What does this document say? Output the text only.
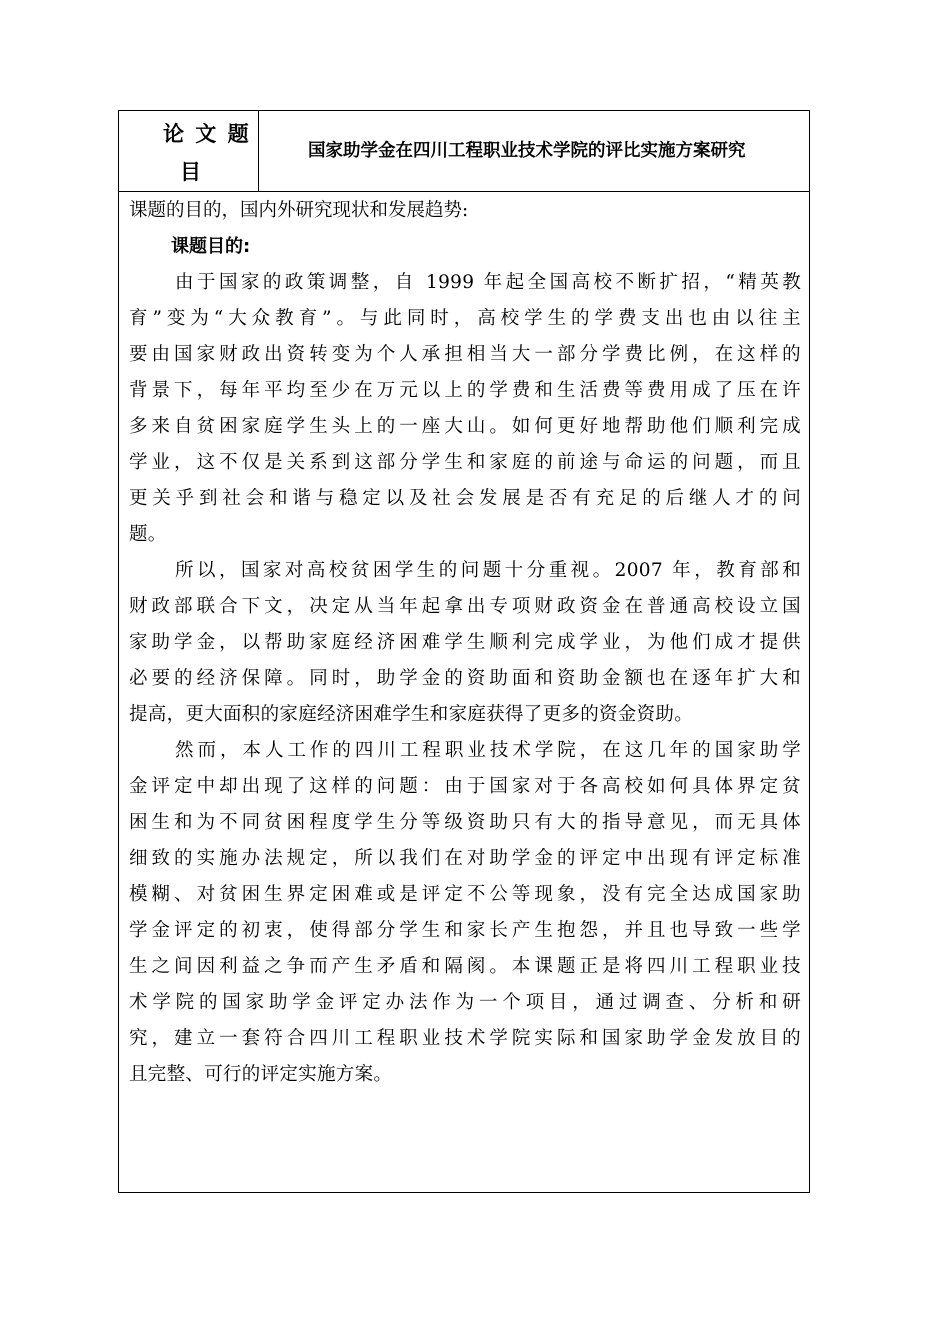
论 文 题
目
国家助学金在四川工程职业技术学院的评比实施方案研究
课题的目的，国内外研究现状和发展趋势:
课题目的:
由于国家的政策调整，自 1999 年起全国高校不断扩招，“精英教
育”变为“大众教育”。与此同时，高校学生的学费支出也由以往主
要由国家财政出资转变为个人承担相当大一部分学费比例，在这样的
背景下，每年平均至少在万元以上的学费和生活费等费用成了压在许
多来自贫困家庭学生头上的一座大山。如何更好地帮助他们顺利完成
学业，这不仅是关系到这部分学生和家庭的前途与命运的问题，而且
更关乎到社会和谐与稳定以及社会发展是否有充足的后继人才的问
题。
所以，国家对高校贫困学生的问题十分重视。2007 年，教育部和
财政部联合下文，决定从当年起拿出专项财政资金在普通高校设立国
家助学金，以帮助家庭经济困难学生顺利完成学业，为他们成才提供
必要的经济保障。同时，助学金的资助面和资助金额也在逐年扩大和
提高，更大面积的家庭经济困难学生和家庭获得了更多的资金资助。
然而，本人工作的四川工程职业技术学院，在这几年的国家助学
金评定中却出现了这样的问题：由于国家对于各高校如何具体界定贫
困生和为不同贫困程度学生分等级资助只有大的指导意见，而无具体
细致的实施办法规定，所以我们在对助学金的评定中出现有评定标准
模糊、对贫困生界定困难或是评定不公等现象，没有完全达成国家助
学金评定的初衷，使得部分学生和家长产生抱怨，并且也导致一些学
生之间因利益之争而产生矛盾和隔阂。本课题正是将四川工程职业技
术学院的国家助学金评定办法作为一个项目，通过调查、分析和研
究，建立一套符合四川工程职业技术学院实际和国家助学金发放目的
且完整、可行的评定实施方案。
